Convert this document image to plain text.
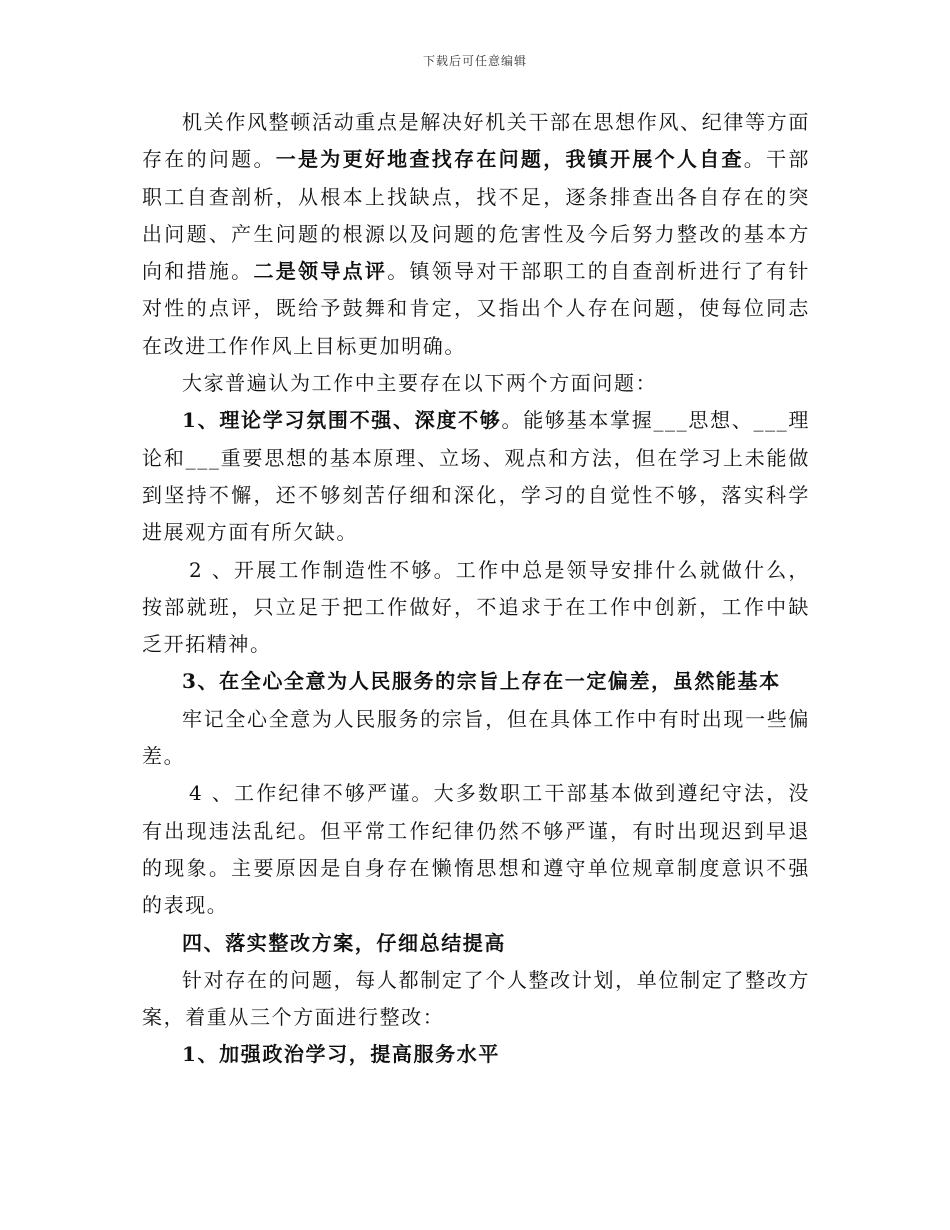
下载后可任意编辑

机关作风整顿活动重点是解决好机关干部在思想作风、纪律等方面存在的问题。一是为更好地查找存在问题，我镇开展个人自查。干部职工自查剖析，从根本上找缺点，找不足，逐条排查出各自存在的突出问题、产生问题的根源以及问题的危害性及今后努力整改的基本方向和措施。二是领导点评。镇领导对干部职工的自查剖析进行了有针对性的点评，既给予鼓舞和肯定，又指出个人存在问题，使每位同志在改进工作作风上目标更加明确。

大家普遍认为工作中主要存在以下两个方面问题：

1、理论学习氛围不强、深度不够。能够基本掌握___思想、___理论和___重要思想的基本原理、立场、观点和方法，但在学习上未能做到坚持不懈，还不够刻苦仔细和深化，学习的自觉性不够，落实科学进展观方面有所欠缺。

2 、开展工作制造性不够。工作中总是领导安排什么就做什么，按部就班，只立足于把工作做好，不追求于在工作中创新，工作中缺乏开拓精神。

3、在全心全意为人民服务的宗旨上存在一定偏差，虽然能基本

牢记全心全意为人民服务的宗旨，但在具体工作中有时出现一些偏差。

4 、工作纪律不够严谨。大多数职工干部基本做到遵纪守法，没有出现违法乱纪。但平常工作纪律仍然不够严谨，有时出现迟到早退的现象。主要原因是自身存在懒惰思想和遵守单位规章制度意识不强的表现。

四、落实整改方案，仔细总结提高

针对存在的问题，每人都制定了个人整改计划，单位制定了整改方案，着重从三个方面进行整改：

1、加强政治学习，提高服务水平
